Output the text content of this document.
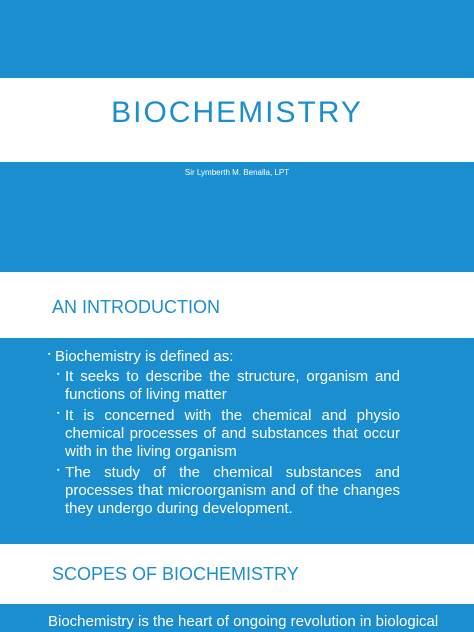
BIOCHEMISTRY
Sir Lymberth M. Benalla, LPT
AN INTRODUCTION
▪ Biochemistry is defined as:
▪ It seeks to describe the structure, organism and functions of living matter
▪ It is concerned with the chemical and physio chemical processes of and substances that occur with in the living organism
▪ The study of the chemical substances and processes that microorganism and of the changes they undergo during development.
SCOPES OF BIOCHEMISTRY
Biochemistry is the heart of ongoing revolution in biological
